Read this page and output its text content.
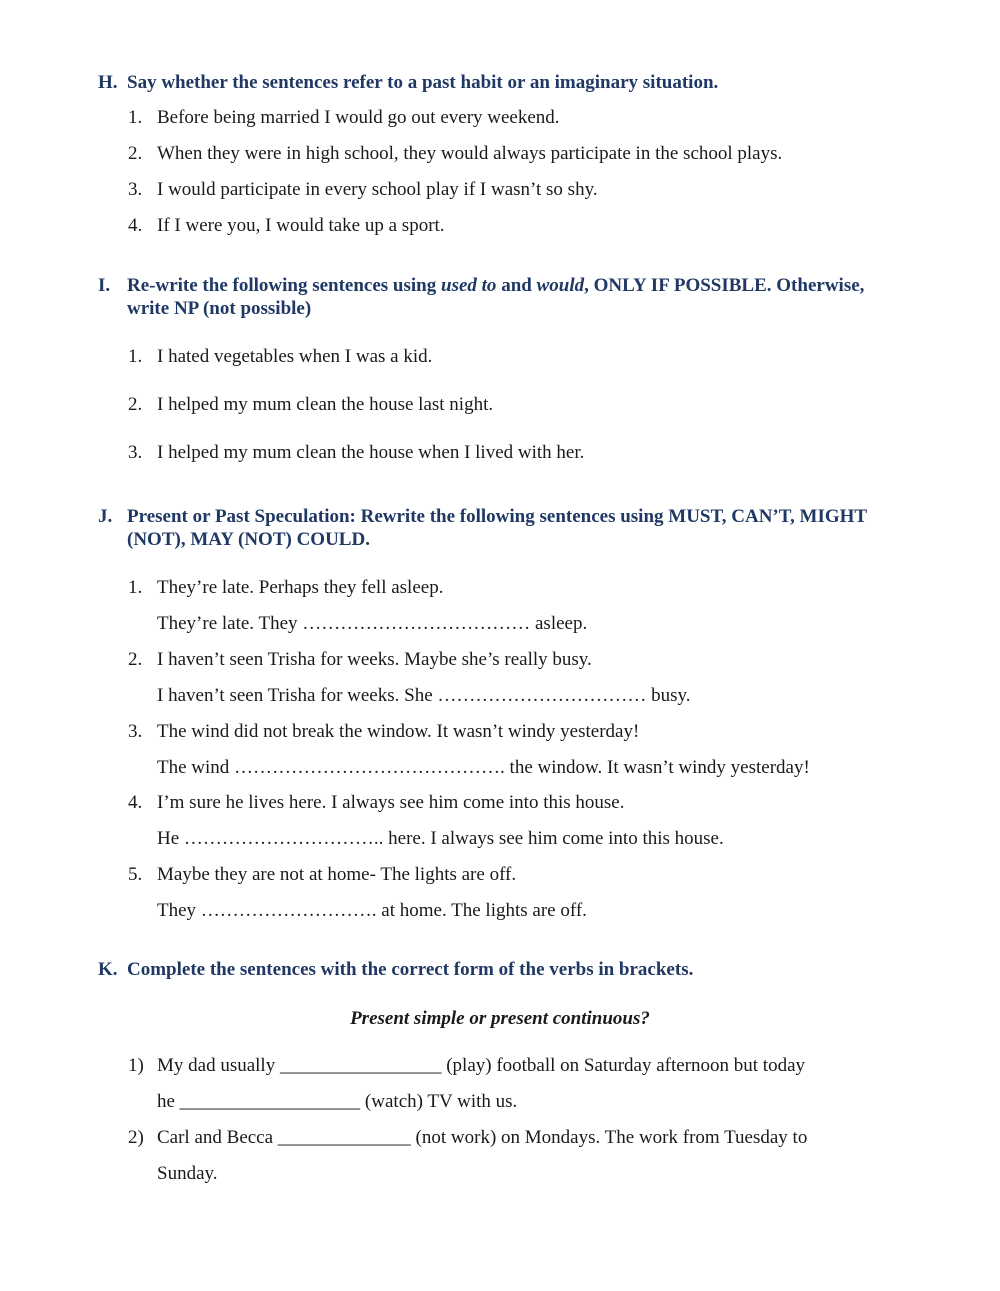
H. Say whether the sentences refer to a past habit or an imaginary situation.
1. Before being married I would go out every weekend.
2. When they were in high school, they would always participate in the school plays.
3. I would participate in every school play if I wasn’t so shy.
4. If I were you, I would take up a sport.
I. Re-write the following sentences using used to and would, ONLY IF POSSIBLE. Otherwise, write NP (not possible)
1. I hated vegetables when I was a kid.
2. I helped my mum clean the house last night.
3. I helped my mum clean the house when I lived with her.
J. Present or Past Speculation: Rewrite the following sentences using MUST, CAN’T, MIGHT (NOT), MAY (NOT) COULD.
1. They’re late. Perhaps they fell asleep.
They’re late. They ……………………………… asleep.
2. I haven’t seen Trisha for weeks. Maybe she’s really busy.
I haven’t seen Trisha for weeks. She …………………………… busy.
3. The wind did not break the window. It wasn’t windy yesterday!
The wind ……………………………………. the window. It wasn’t windy yesterday!
4. I’m sure he lives here. I always see him come into this house.
He ………………………….. here. I always see him come into this house.
5. Maybe they are not at home- The lights are off.
They ………………………. at home. The lights are off.
K. Complete the sentences with the correct form of the verbs in brackets.
Present simple or present continuous?
1) My dad usually _________________ (play) football on Saturday afternoon but today
he ___________________ (watch) TV with us.
2) Carl and Becca ______________ (not work) on Mondays. The work from Tuesday to
Sunday.
